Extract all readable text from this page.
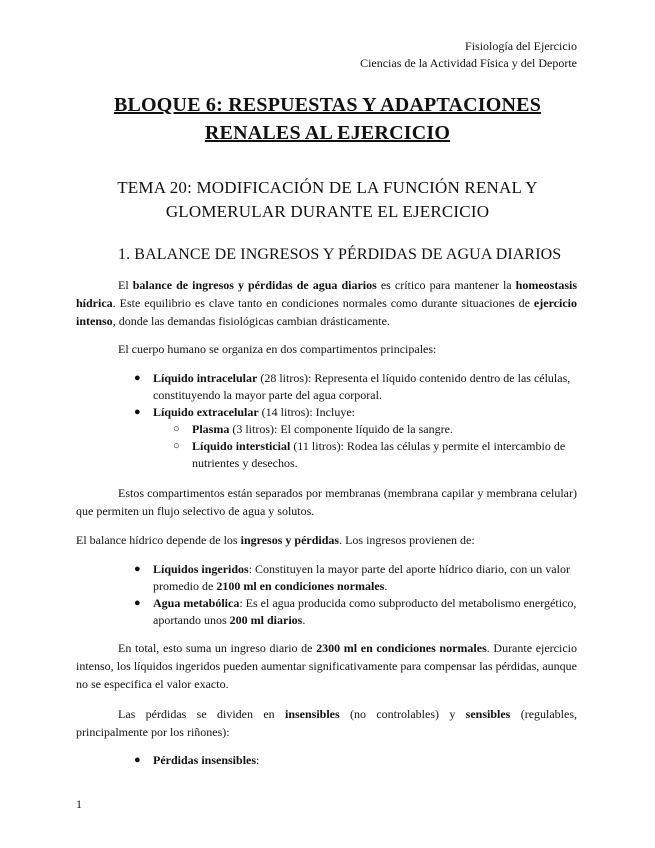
Fisiología del Ejercicio
Ciencias de la Actividad Física y del Deporte
BLOQUE 6: RESPUESTAS Y ADAPTACIONES
RENALES AL EJERCICIO
TEMA 20: MODIFICACIÓN DE LA FUNCIÓN RENAL Y
GLOMERULAR DURANTE EL EJERCICIO
1. BALANCE DE INGRESOS Y PÉRDIDAS DE AGUA DIARIOS
El balance de ingresos y pérdidas de agua diarios es crítico para mantener la homeostasis hídrica. Este equilibrio es clave tanto en condiciones normales como durante situaciones de ejercicio intenso, donde las demandas fisiológicas cambian drásticamente.
El cuerpo humano se organiza en dos compartimentos principales:
● Líquido intracelular (28 litros): Representa el líquido contenido dentro de las células, constituyendo la mayor parte del agua corporal.
● Líquido extracelular (14 litros): Incluye:
○ Plasma (3 litros): El componente líquido de la sangre.
○ Líquido intersticial (11 litros): Rodea las células y permite el intercambio de nutrientes y desechos.
Estos compartimentos están separados por membranas (membrana capilar y membrana celular) que permiten un flujo selectivo de agua y solutos.
El balance hídrico depende de los ingresos y pérdidas. Los ingresos provienen de:
● Líquidos ingeridos: Constituyen la mayor parte del aporte hídrico diario, con un valor promedio de 2100 ml en condiciones normales.
● Agua metabólica: Es el agua producida como subproducto del metabolismo energético, aportando unos 200 ml diarios.
En total, esto suma un ingreso diario de 2300 ml en condiciones normales. Durante ejercicio intenso, los líquidos ingeridos pueden aumentar significativamente para compensar las pérdidas, aunque no se especifica el valor exacto.
Las pérdidas se dividen en insensibles (no controlables) y sensibles (regulables, principalmente por los riñones):
● Pérdidas insensibles:
1
